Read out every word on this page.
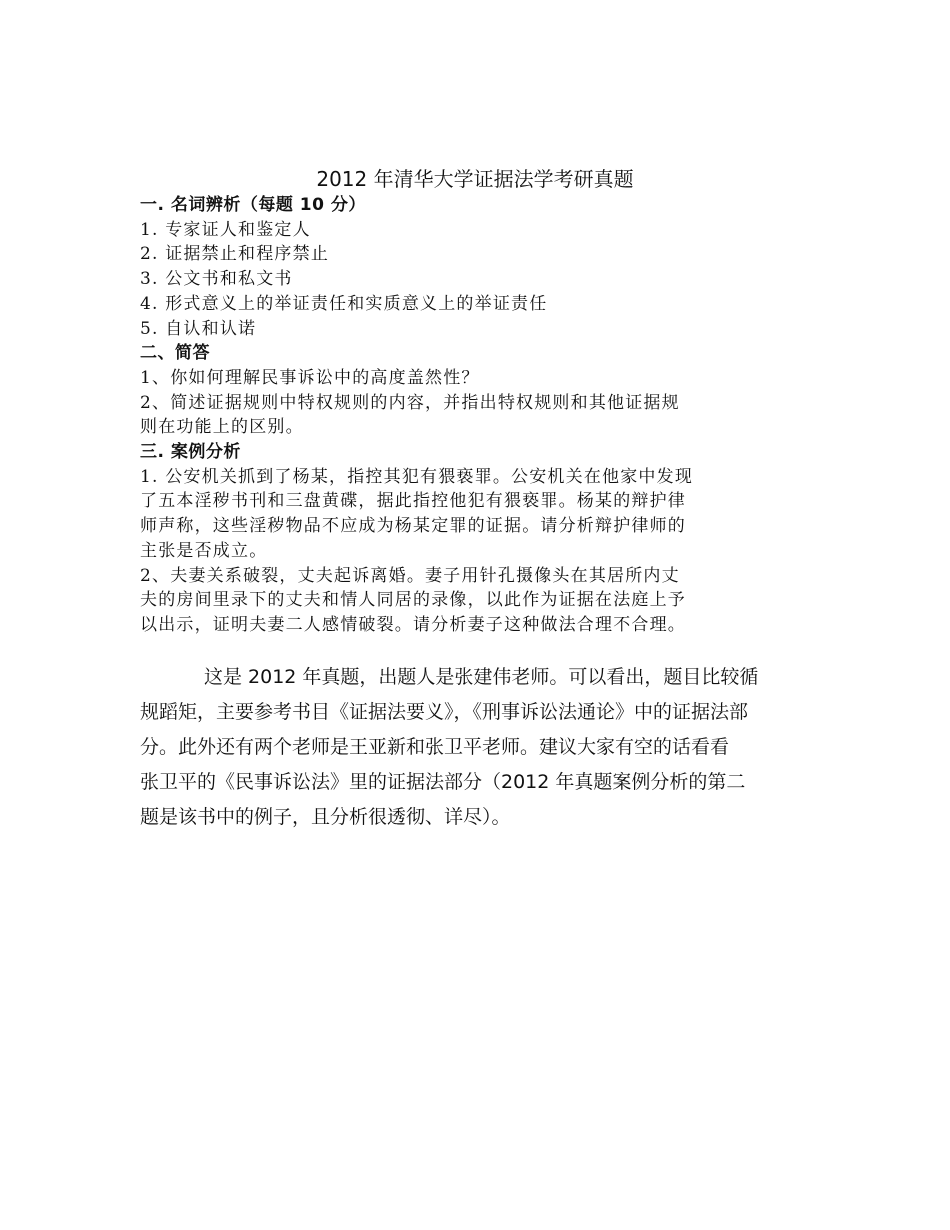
2012 年清华大学证据法学考研真题
一. 名词辨析（每题 10 分）
1. 专家证人和鉴定人
2. 证据禁止和程序禁止
3. 公文书和私文书
4. 形式意义上的举证责任和实质意义上的举证责任
5. 自认和认诺
二、简答
1、你如何理解民事诉讼中的高度盖然性？
2、简述证据规则中特权规则的内容，并指出特权规则和其他证据规
则在功能上的区别。
三. 案例分析
1. 公安机关抓到了杨某，指控其犯有猥亵罪。公安机关在他家中发现
了五本淫秽书刊和三盘黄碟，据此指控他犯有猥亵罪。杨某的辩护律
师声称，这些淫秽物品不应成为杨某定罪的证据。请分析辩护律师的
主张是否成立。
2、夫妻关系破裂，丈夫起诉离婚。妻子用针孔摄像头在其居所内丈
夫的房间里录下的丈夫和情人同居的录像，以此作为证据在法庭上予
以出示，证明夫妻二人感情破裂。请分析妻子这种做法合理不合理。
这是 2012 年真题，出题人是张建伟老师。可以看出，题目比较循
规蹈矩，主要参考书目《证据法要义》，《刑事诉讼法通论》中的证据法部
分。此外还有两个老师是王亚新和张卫平老师。建议大家有空的话看看
张卫平的《民事诉讼法》里的证据法部分（2012 年真题案例分析的第二
题是该书中的例子，且分析很透彻、详尽）。
